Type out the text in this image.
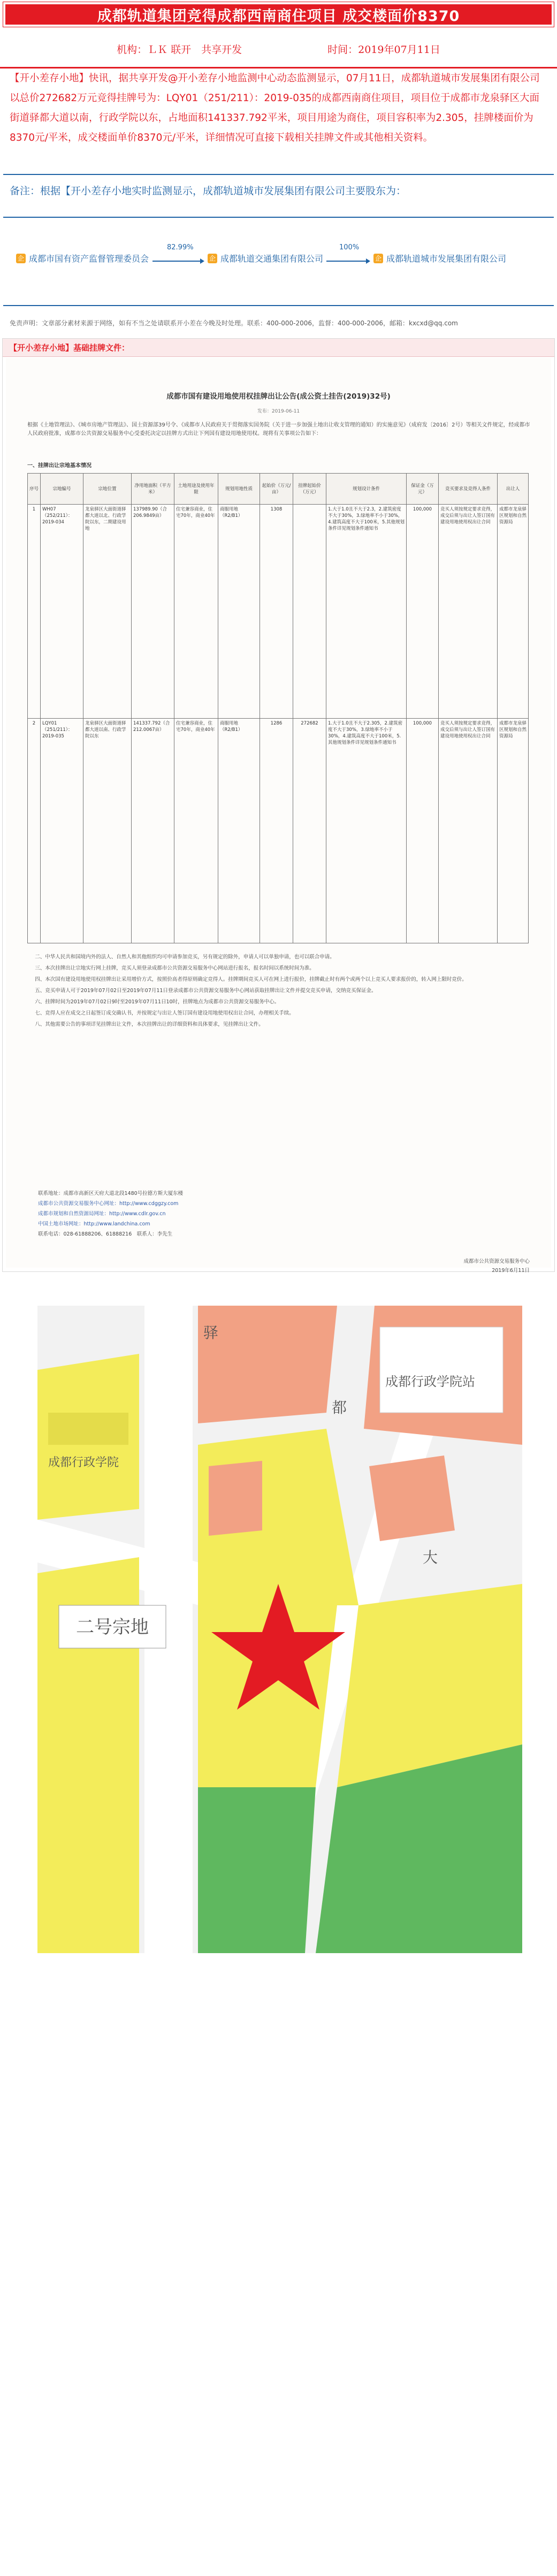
成都轨道集团竞得成都西南商住项目 成交楼面价8370
机构：ＬＫ 联开　共享开发	时间：2019年07月11日
【开小差存小地】快讯，据共享开发@开小差存小地监测中心动态监测显示，07月11日，成都轨道城市发展集团有限公司以总价272682万元竞得挂牌号为：LQY01（251/211）：2019-035的成都西南商住项目，项目位于成都市龙泉驿区大面街道驿都大道以南，行政学院以东，占地面积141337.792平米，项目用途为商住，项目容积率为2.305，挂牌楼面价为8370元/平米，成交楼面单价8370元/平米，详细情况可直接下载相关挂牌文件或其他相关资料。
备注：根据【开小差存小地实时监测显示，成都轨道城市发展集团有限公司主要股东为：
企 成都市国有资产监督管理委员会
82.99%
企 成都轨道交通集团有限公司
100%
企 成都轨道城市发展集团有限公司
免责声明：文章部分素材来源于网络，如有不当之处请联系开小差在今晚及时处理。联系：400-000-2006，监督：400-000-2006，邮箱：kxcxd@qq.com
【开小差存小地】基础挂牌文件：
成都市国有建设用地使用权挂牌出让公告(成公资土挂告(2019)32号)
发布：2019-06-11
根据《土地管理法》、《城市房地产管理法》、国土资源部39号令、《成都市人民政府关于贯彻落实国务院（关于进一步加强土地出让收支管理的通知）的实施意见》（成府发〔2016〕2号）等相关文件规定，经成都市人民政府批准，成都市公共资源交易服务中心受委托决定以挂牌方式出让下列国有建设用地使用权。现将有关事项公告如下：
一、挂牌出让宗地基本情况
序号	宗地编号	宗地位置	净用地面积（平方米）	土地用途及使用年限	规划用地性质	起始价（万元/亩）	挂牌起始价（万元）	规划设计条件	保证金（万元）	竞买要求及竞得人条件	出让人
1	WH07（252/211）：2019-034	龙泉驿区大面街道驿都大道以北、行政学院以东，二期建设用地	137989.90（合206.9849亩）	住宅兼容商业，住宅70年，商业40年	商服用地（R2/B1）	1308		1.大于1.0且不大于2.3，2.建筑密度不大于30%，3.绿地率不小于30%，4.建筑高度不大于100米，5.其他规划条件详见规划条件通知书	100,000	竞买人须按规定要求竞得，成交后须与出让人签订国有建设用地使用权出让合同	成都市龙泉驿区规划和自然资源局
2	LQY01（251/211）：2019-035	龙泉驿区大面街道驿都大道以南、行政学院以东	141337.792（合212.0067亩）	住宅兼容商业，住宅70年，商业40年	商服用地（R2/B1）	1286	272682	1.大于1.0且不大于2.305，2.建筑密度不大于30%，3.绿地率不小于30%，4.建筑高度不大于100米，5.其他规划条件详见规划条件通知书	100,000	竞买人须按规定要求竞得，成交后须与出让人签订国有建设用地使用权出让合同	成都市龙泉驿区规划和自然资源局

二、中华人民共和国境内外的法人、自然人和其他组织均可申请参加竞买，另有规定的除外，申请人可以单独申请，也可以联合申请。

三、本次挂牌出让宗地实行网上挂牌，竞买人须登录成都市公共资源交易服务中心网站进行报名，报名时间以系统时间为准。

四、本次国有建设用地使用权挂牌出让采用增价方式，按照价高者得原则确定竞得人。挂牌期间竞买人可在网上进行报价，挂牌截止时有两个或两个以上竞买人要求报价的，转入网上限时竞价。

五、竞买申请人可于2019年07月02日至2019年07月11日登录成都市公共资源交易服务中心网站获取挂牌出让文件并提交竞买申请，交纳竞买保证金。

六、挂牌时间为2019年07月02日9时至2019年07月11日10时，挂牌地点为成都市公共资源交易服务中心。

七、竞得人应在成交之日起签订成交确认书，并按规定与出让人签订国有建设用地使用权出让合同，办理相关手续。

八、其他需要公告的事项详见挂牌出让文件，本次挂牌出让的详细资料和具体要求，见挂牌出让文件。

联系地址：成都市高新区天府大道北段1480号拉德方斯大厦东楼
成都市公共资源交易服务中心网址：http://www.cdggzy.com
成都市规划和自然资源局网址：http://www.cdlr.gov.cn
中国土地市场网址：http://www.landchina.com
联系电话：028-61888206、61888216　联系人：李先生
成都市公共资源交易服务中心
2019年6月11日
二号宗地
成都行政学院
成都行政学院站
驿
大
都
